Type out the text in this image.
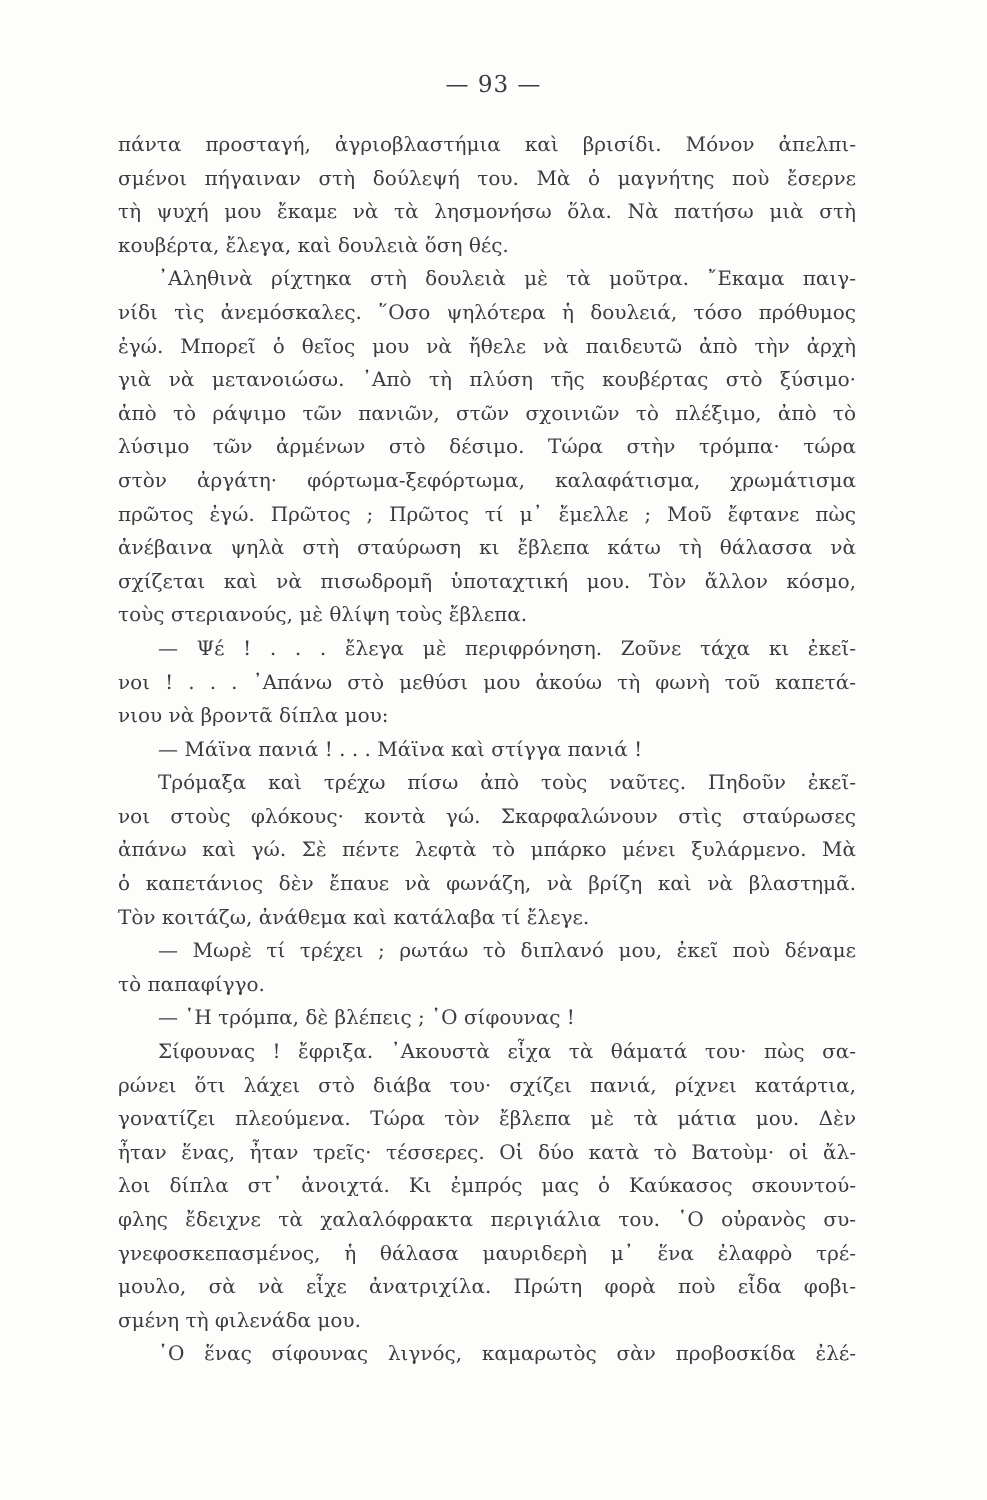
— 93 —
πάντα προσταγή, ἀγριοβλαστήμια καὶ βρισίδι. Μόνον ἀπελπι-
σμένοι πήγαιναν στὴ δούλεψή του. Μὰ ὁ μαγνήτης ποὺ ἔσερνε
τὴ ψυχή μου ἔκαμε νὰ τὰ λησμονήσω ὅλα. Νὰ πατήσω μιὰ στὴ
κουβέρτα, ἔλεγα, καὶ δουλειὰ ὅση θές.
᾿Αληθινὰ ρίχτηκα στὴ δουλειὰ μὲ τὰ μοῦτρα. ῎Εκαμα παιγ-
νίδι τὶς ἀνεμόσκαλες. ῞Οσο ψηλότερα ἡ δουλειά, τόσο πρόθυμος
ἐγώ. Μπορεῖ ὁ θεῖος μου νὰ ἤθελε νὰ παιδευτῶ ἀπὸ τὴν ἀρχὴ
γιὰ νὰ μετανοιώσω. ᾿Απὸ τὴ πλύση τῆς κουβέρτας στὸ ξύσιμο·
ἀπὸ τὸ ράψιμο τῶν πανιῶν, στῶν σχοινιῶν τὸ πλέξιμο, ἀπὸ τὸ
λύσιμο τῶν ἀρμένων στὸ δέσιμο. Τώρα στὴν τρόμπα· τώρα
στὸν ἀργάτη· φόρτωμα-ξεφόρτωμα, καλαφάτισμα, χρωμάτισμα
πρῶτος ἐγώ. Πρῶτος ; Πρῶτος τί μ᾿ ἔμελλε ; Μοῦ ἔφτανε πὼς
ἀνέβαινα ψηλὰ στὴ σταύρωση κι ἔβλεπα κάτω τὴ θάλασσα νὰ
σχίζεται καὶ νὰ πισωδρομῆ ὑποταχτική μου. Τὸν ἄλλον κόσμο,
τοὺς στεριανούς, μὲ θλίψη τοὺς ἔβλεπα.
— Ψέ ! . . . ἔλεγα μὲ περιφρόνηση. Ζοῦνε τάχα κι ἐκεῖ-
νοι ! . . . ᾿Απάνω στὸ μεθύσι μου ἀκούω τὴ φωνὴ τοῦ καπετά-
νιου νὰ βροντᾶ δίπλα μου:
— Μάϊνα πανιά ! . . . Μάϊνα καὶ στίγγα πανιά !
Τρόμαξα καὶ τρέχω πίσω ἀπὸ τοὺς ναῦτες. Πηδοῦν ἐκεῖ-
νοι στοὺς φλόκους· κοντὰ γώ. Σκαρφαλώνουν στὶς σταύρωσες
ἀπάνω καὶ γώ. Σὲ πέντε λεφτὰ τὸ μπάρκο μένει ξυλάρμενο. Μὰ
ὁ καπετάνιος δὲν ἔπαυε νὰ φωνάζη, νὰ βρίζη καὶ νὰ βλαστημᾶ.
Τὸν κοιτάζω, ἀνάθεμα καὶ κατάλαβα τί ἔλεγε.
— Μωρὲ τί τρέχει ; ρωτάω τὸ διπλανό μου, ἐκεῖ ποὺ δέναμε
τὸ παπαφίγγο.
— ῾Η τρόμπα, δὲ βλέπεις ; ῾Ο σίφουνας !
Σίφουνας ! ἔφριξα. ᾿Ακουστὰ εἶχα τὰ θάματά του· πὼς σα-
ρώνει ὅτι λάχει στὸ διάβα του· σχίζει πανιά, ρίχνει κατάρτια,
γονατίζει πλεούμενα. Τώρα τὸν ἔβλεπα μὲ τὰ μάτια μου. Δὲν
ἦταν ἕνας, ἦταν τρεῖς· τέσσερες. Οἱ δύο κατὰ τὸ Βατοὺμ· οἱ ἄλ-
λοι δίπλα στ᾿ ἀνοιχτά. Κι ἐμπρός μας ὁ Καύκασος σκουντού-
φλης ἔδειχνε τὰ χαλαλόφρακτα περιγιάλια του. ῾Ο οὐρανὸς συ-
γνεφοσκεπασμένος, ἡ θάλασα μαυριδερὴ μ᾿ ἕνα ἐλαφρὸ τρέ-
μουλο, σὰ νὰ εἶχε ἀνατριχίλα. Πρώτη φορὰ ποὺ εἶδα φοβι-
σμένη τὴ φιλενάδα μου.
῾Ο ἕνας σίφουνας λιγνός, καμαρωτὸς σὰν προβοσκίδα ἐλέ-
